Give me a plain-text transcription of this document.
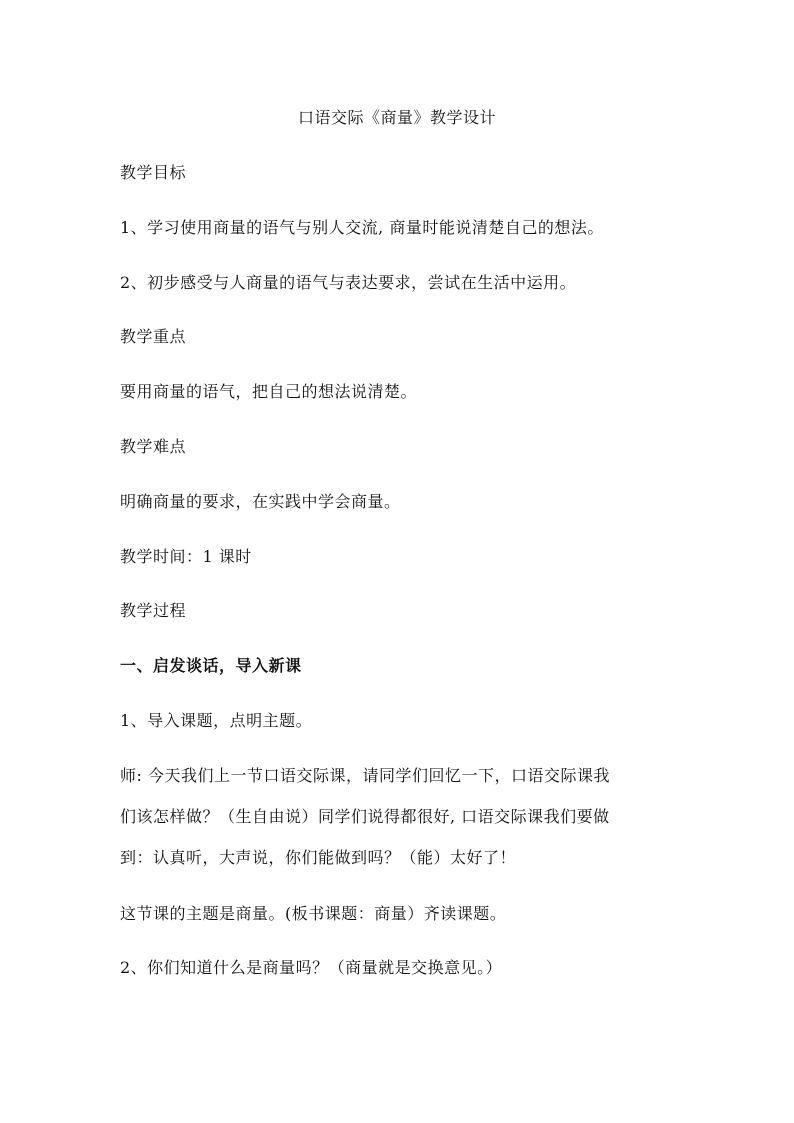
口语交际《商量》教学设计
教学目标
1、学习使用商量的语气与别人交流, 商量时能说清楚自己的想法。
2、初步感受与人商量的语气与表达要求，尝试在生活中运用。
教学重点
要用商量的语气，把自己的想法说清楚。
教学难点
明确商量的要求，在实践中学会商量。
教学时间：1 课时
教学过程
一、启发谈话，导入新课
1、导入课题，点明主题。
师: 今天我们上一节口语交际课，请同学们回忆一下，口语交际课我
们该怎样做？（生自由说）同学们说得都很好, 口语交际课我们要做
到：认真听，大声说，你们能做到吗？（能）太好了！
这节课的主题是商量。(板书课题：商量）齐读课题。
2、你们知道什么是商量吗？（商量就是交换意见。）
